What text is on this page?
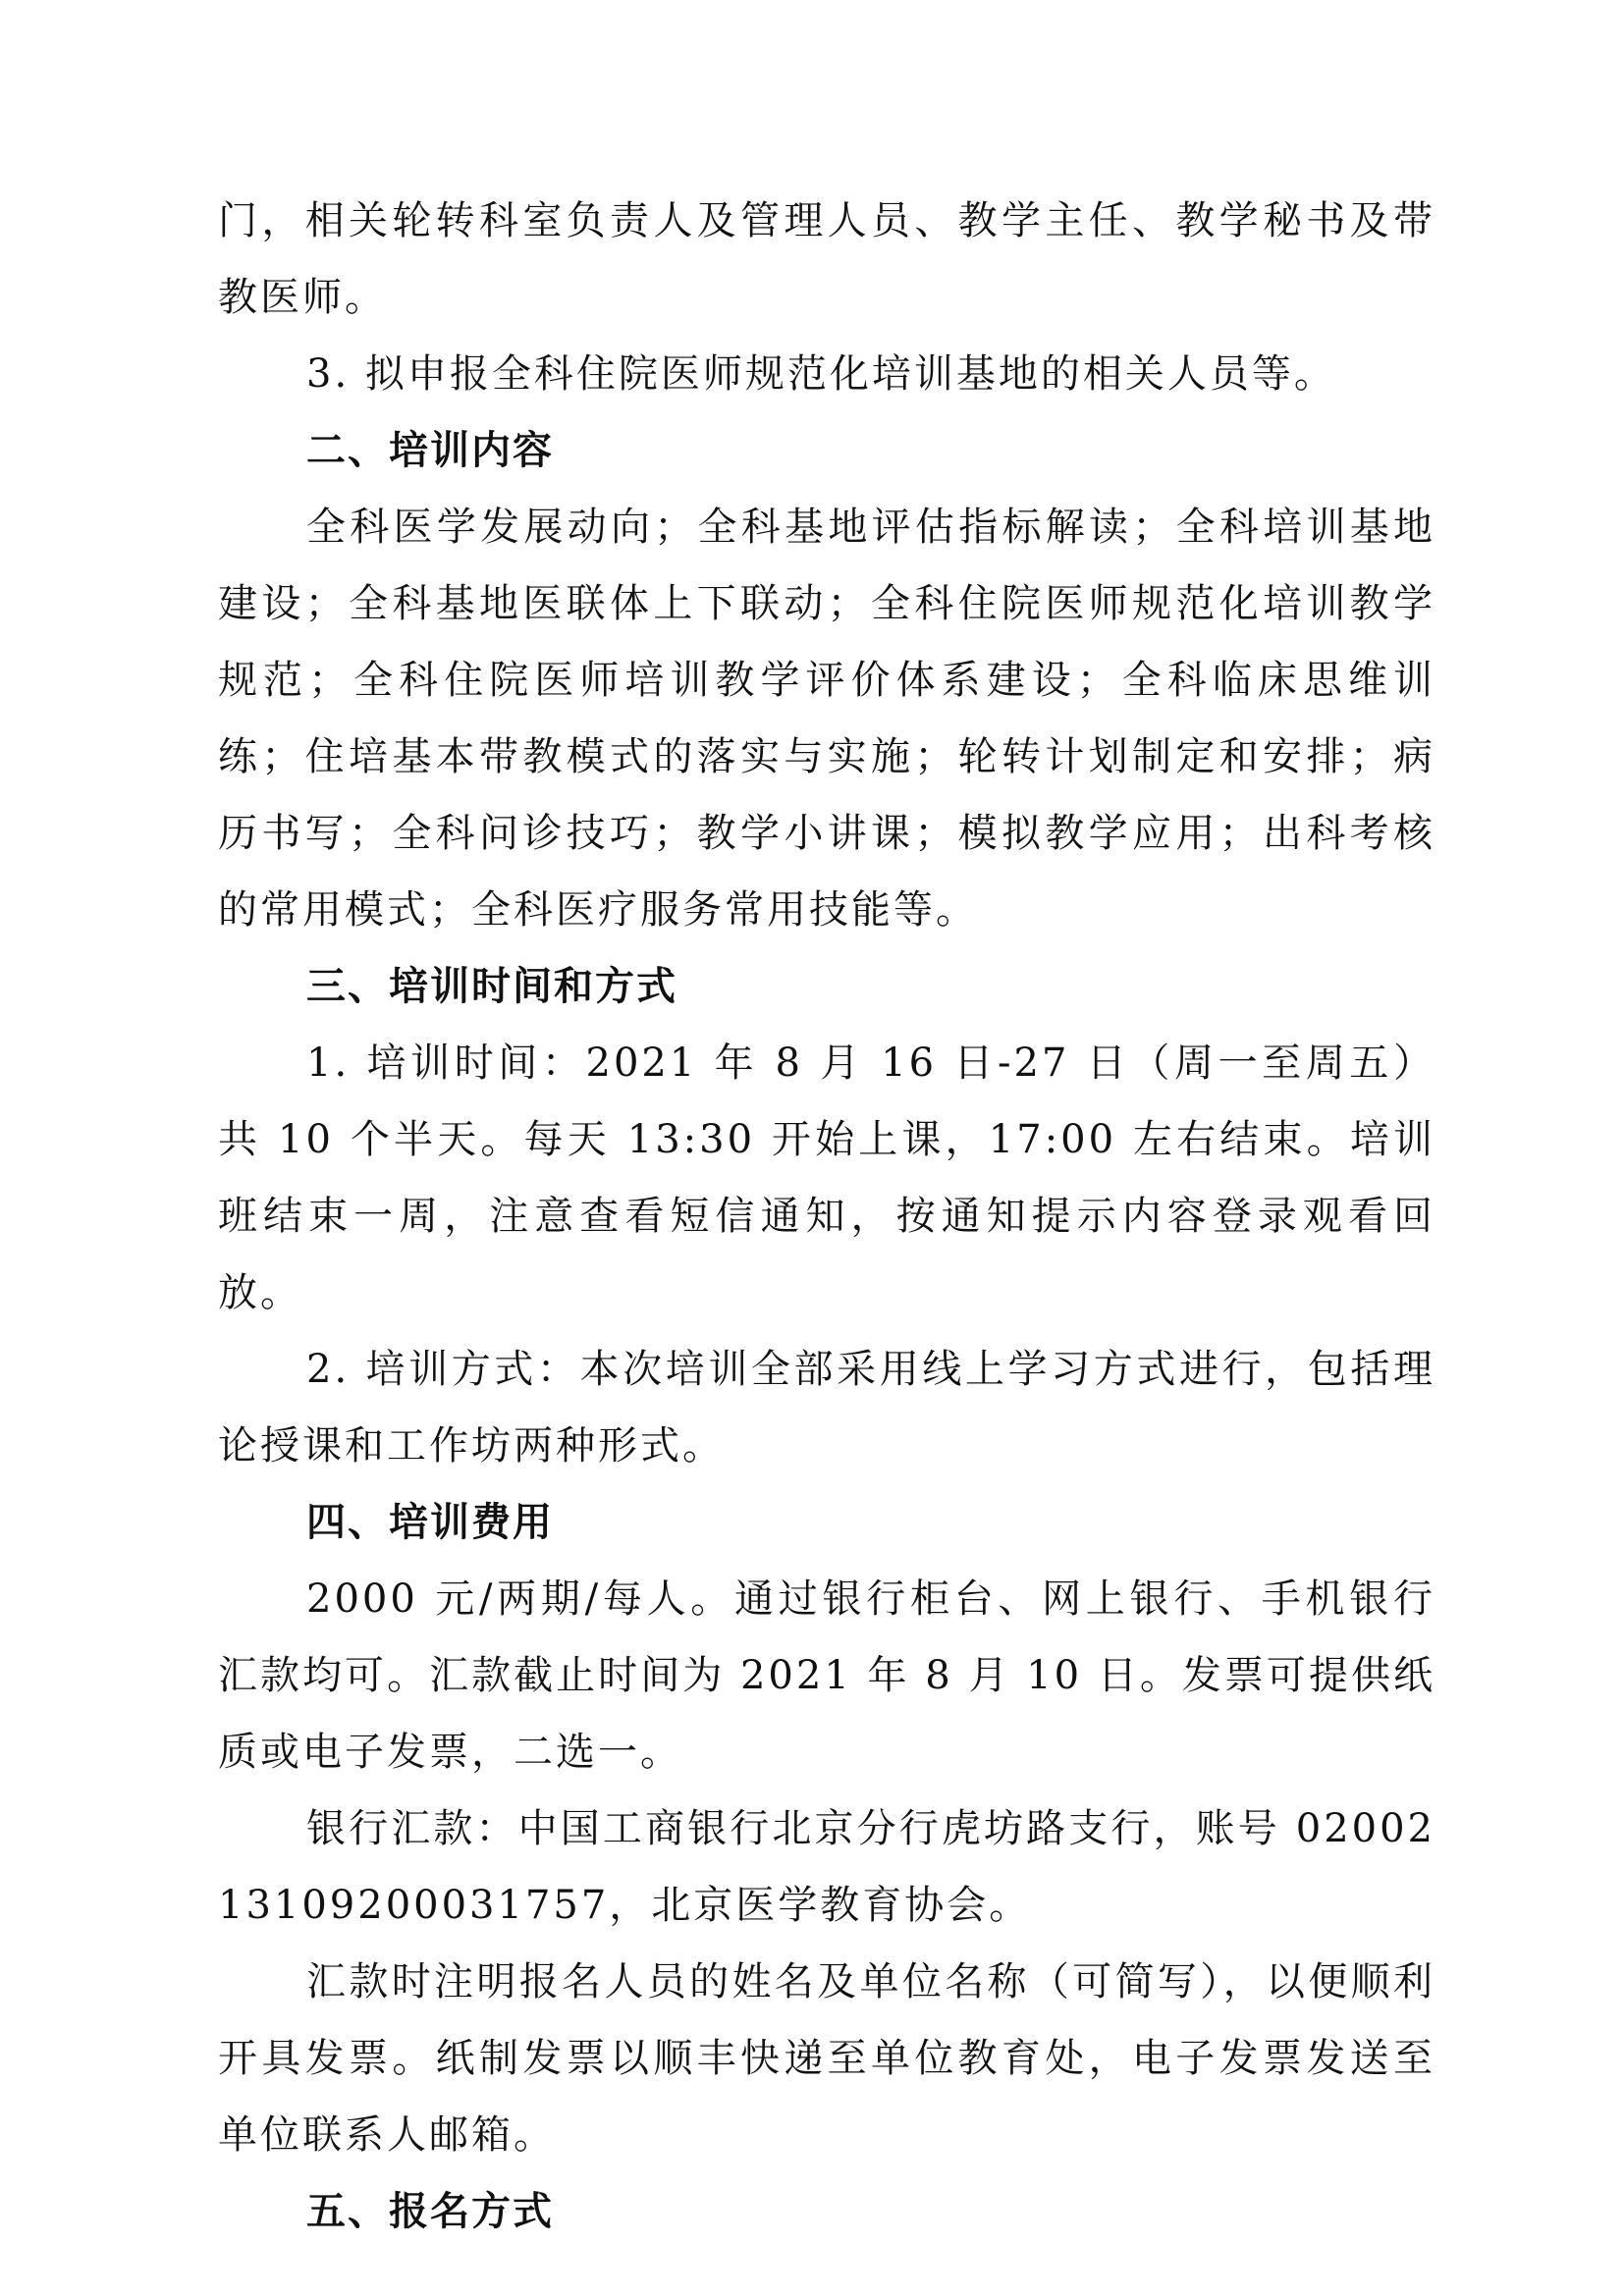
门，相关轮转科室负责人及管理人员、教学主任、教学秘书及带教医师。

3. 拟申报全科住院医师规范化培训基地的相关人员等。

二、培训内容

全科医学发展动向；全科基地评估指标解读；全科培训基地建设；全科基地医联体上下联动；全科住院医师规范化培训教学规范；全科住院医师培训教学评价体系建设；全科临床思维训练；住培基本带教模式的落实与实施；轮转计划制定和安排；病历书写；全科问诊技巧；教学小讲课；模拟教学应用；出科考核的常用模式；全科医疗服务常用技能等。

三、培训时间和方式

1. 培训时间：2021 年 8 月 16 日-27 日（周一至周五）共 10 个半天。每天 13:30 开始上课，17:00 左右结束。培训班结束一周，注意查看短信通知，按通知提示内容登录观看回放。

2. 培训方式：本次培训全部采用线上学习方式进行，包括理论授课和工作坊两种形式。

四、培训费用

2000 元/两期/每人。通过银行柜台、网上银行、手机银行汇款均可。汇款截止时间为 2021 年 8 月 10 日。发票可提供纸质或电子发票，二选一。

银行汇款：中国工商银行北京分行虎坊路支行，账号 0200213109200031757，北京医学教育协会。

汇款时注明报名人员的姓名及单位名称（可简写），以便顺利开具发票。纸制发票以顺丰快递至单位教育处，电子发票发送至单位联系人邮箱。

五、报名方式
